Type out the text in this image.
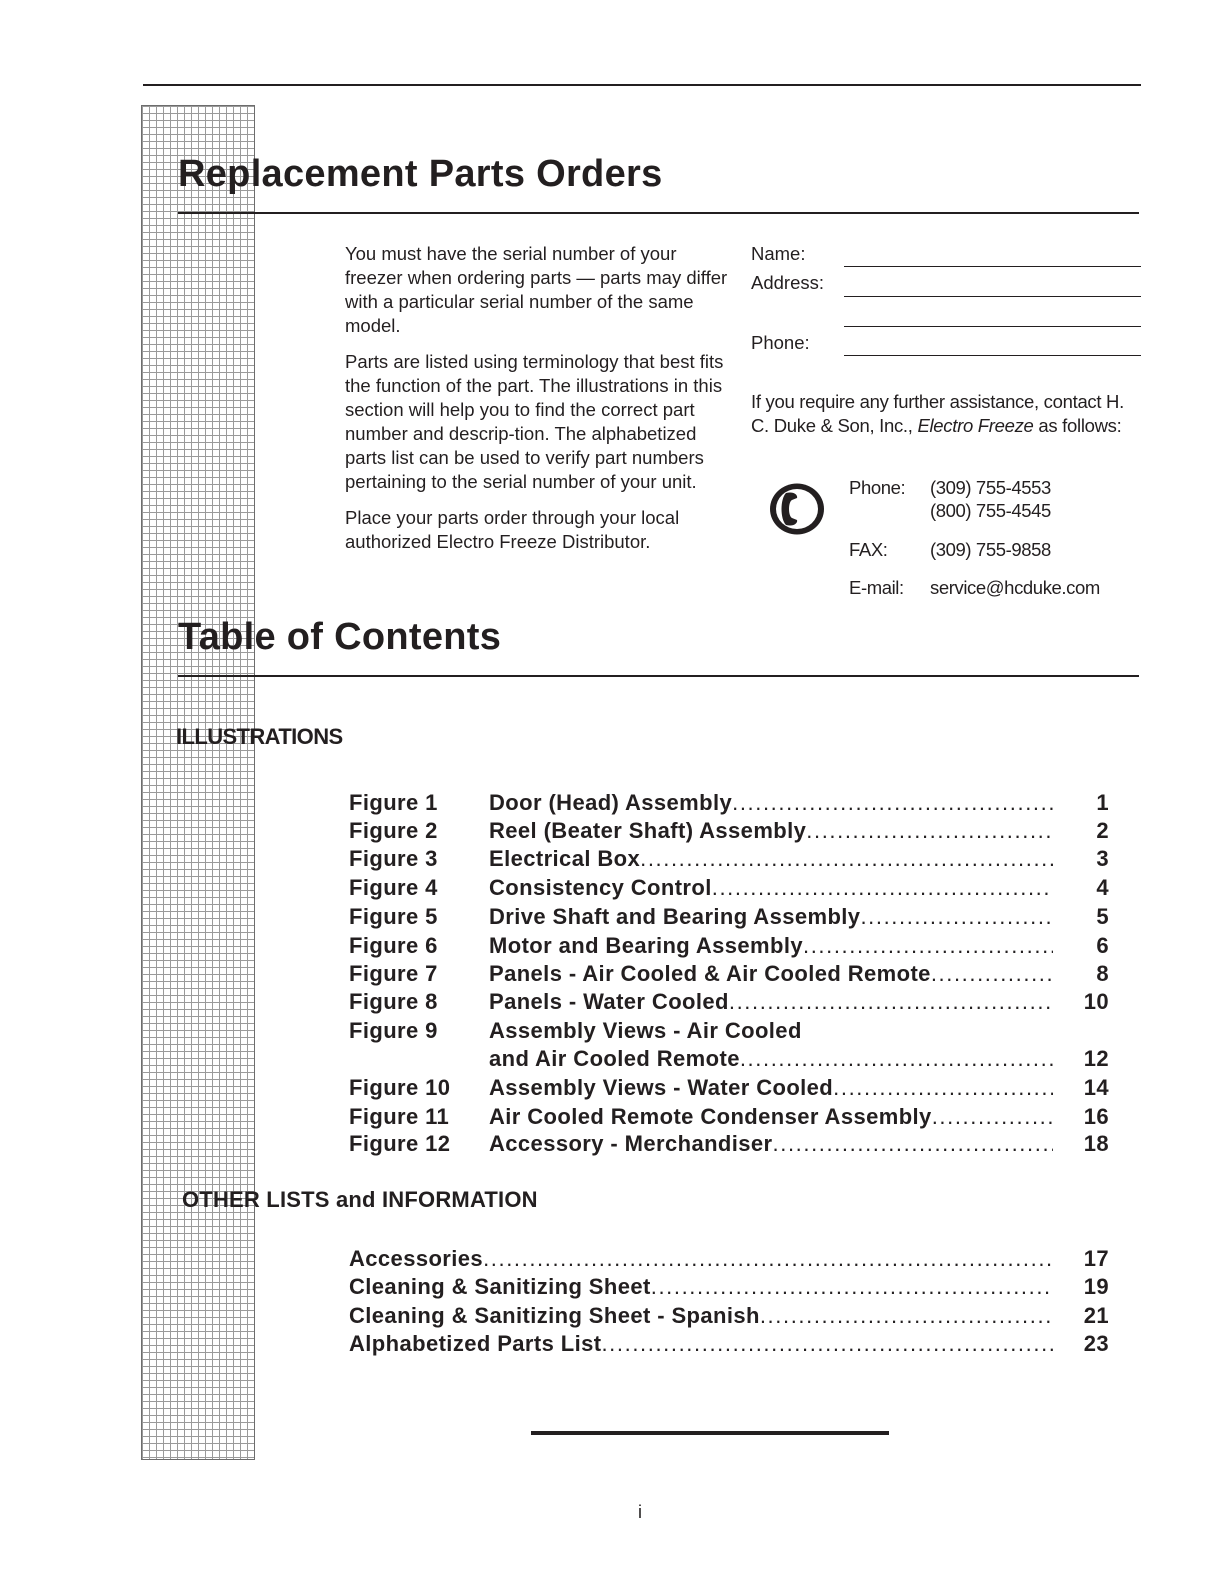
Replacement Parts Orders

You must have the serial number of your freezer when ordering parts — parts may differ with a particular serial number of the same model.

Parts are listed using terminology that best fits the function of the part. The illustrations in this section will help you to find the correct part number and descrip-tion. The alphabetized parts list can be used to verify part numbers pertaining to the serial number of your unit.

Place your parts order through your local authorized Electro Freeze Distributor.

Name:
Address:
Phone:
If you require any further assistance, contact H. C. Duke & Son, Inc., Electro Freeze as follows:
Phone: (309) 755-4553
(800) 755-4545
FAX: (309) 755-9858
E-mail: service@hcduke.com
Table of Contents
ILLUSTRATIONS
Figure 1 Door (Head) Assembly .....	1
Figure 2 Reel (Beater Shaft) Assembly .....	2
Figure 3 Electrical Box .....	3
Figure 4 Consistency Control .....	4
Figure 5 Drive Shaft and Bearing Assembly .....	5
Figure 6 Motor and Bearing Assembly .....	6
Figure 7 Panels - Air Cooled & Air Cooled Remote .....	8
Figure 8 Panels - Water Cooled .....	10
Figure 9 Assembly Views - Air Cooled
and Air Cooled Remote .....	12
Figure 10 Assembly Views - Water Cooled .....	14
Figure 11 Air Cooled Remote Condenser Assembly .....	16
Figure 12 Accessory - Merchandiser .....	18
OTHER LISTS and INFORMATION
Accessories .....	17
Cleaning & Sanitizing Sheet .....	19
Cleaning & Sanitizing Sheet - Spanish .....	21
Alphabetized Parts List .....	23
i
